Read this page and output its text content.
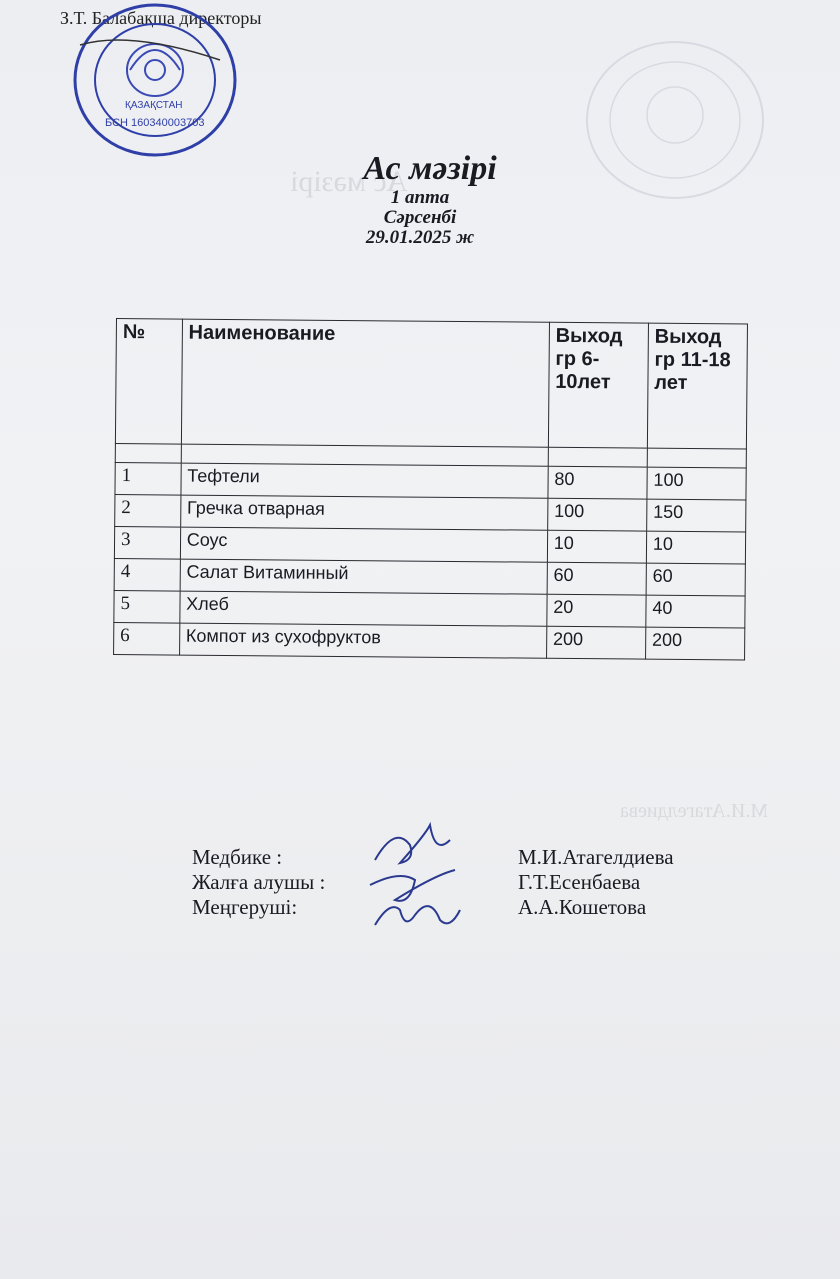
З.Т. Балабақша директоры
ҚАЗАҚСТАН
БСН 160340003703
Ас мәзірі
М.И.Атагелдиева
Ас мәзірі
1 апта
Сәрсенбі
29.01.2025 ж
№	Наименование	Выход гр 6-10лет	Выход гр 11-18 лет

1	Тефтели	80	100
2	Гречка отварная	100	150
3	Соус	10	10
4	Салат Витаминный	60	60
5	Хлеб	20	40
6	Компот из сухофруктов	200	200
Медбике :	М.И.Атагелдиева
Жалға алушы :	Г.Т.Есенбаева
Меңгеруші:	А.А.Кошетова
